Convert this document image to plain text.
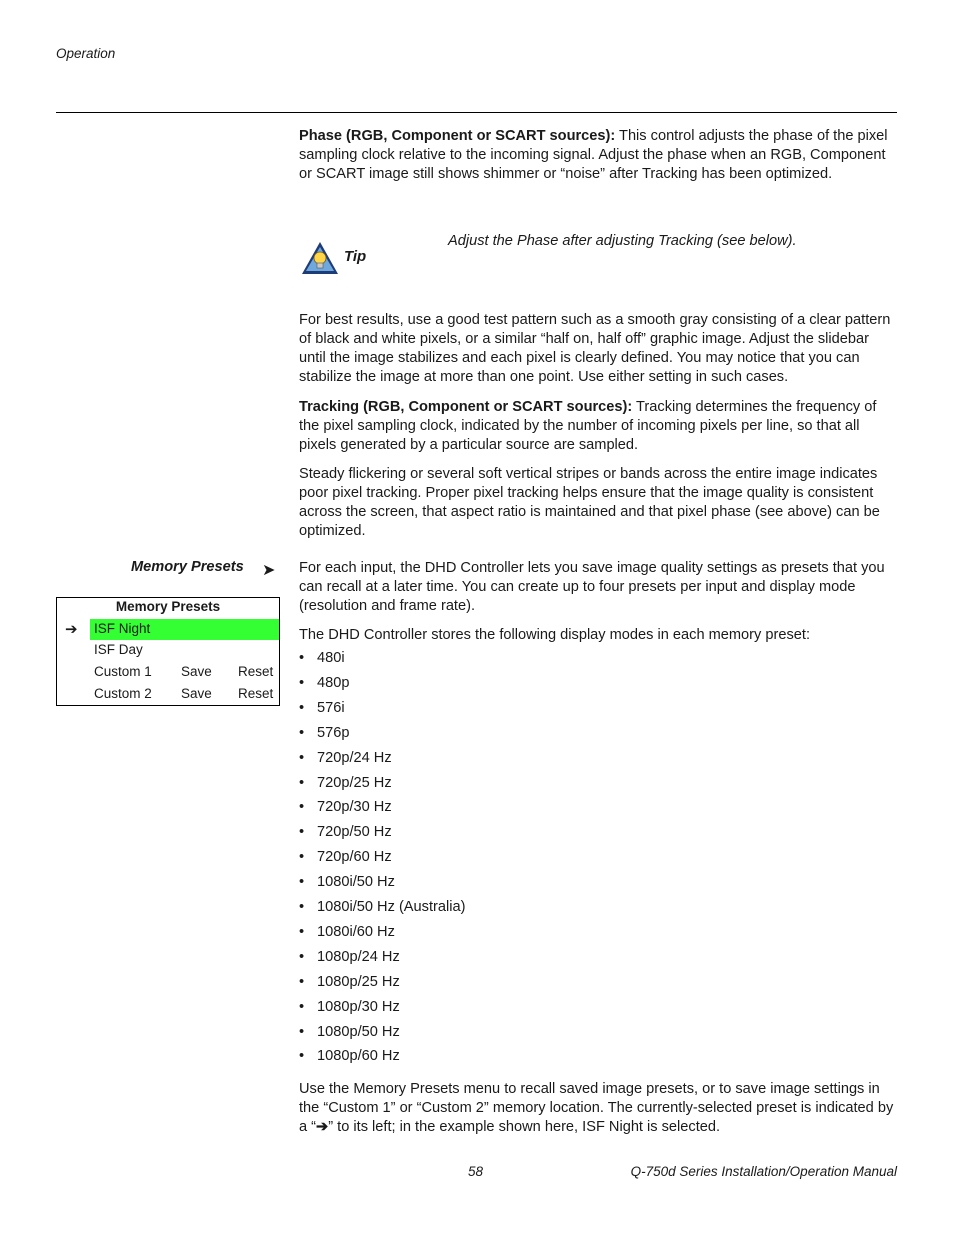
Operation

Phase (RGB, Component or SCART sources): This control adjusts the phase of the pixel sampling clock relative to the incoming signal. Adjust the phase when an RGB, Component or SCART image still shows shimmer or “noise” after Tracking has been optimized.

Tip
Adjust the Phase after adjusting Tracking (see below).
For best results, use a good test pattern such as a smooth gray consisting of a clear pattern of black and white pixels, or a similar “half on, half off” graphic image. Adjust the slidebar until the image stabilizes and each pixel is clearly defined. You may notice that you can stabilize the image at more than one point. Use either setting in such cases.

Tracking (RGB, Component or SCART sources): Tracking determines the frequency of the pixel sampling clock, indicated by the number of incoming pixels per line, so that all pixels generated by a particular source are sampled.

Steady flickering or several soft vertical stripes or bands across the entire image indicates poor pixel tracking. Proper pixel tracking helps ensure that the image quality is consistent across the screen, that aspect ratio is maintained and that pixel phase (see above) can be optimized.
Memory Presets ➤ For each input, the DHD Controller lets you save image quality settings as presets that you can recall at a later time. You can create up to four presets per input and display mode (resolution and frame rate).
The DHD Controller stores the following display modes in each memory preset:
Memory Presets
➔ ISF Night
ISF Day
Custom 1 Save Reset
Custom 2 Save Reset
• 480i
• 480p
• 576i
• 576p
• 720p/24 Hz
• 720p/25 Hz
• 720p/30 Hz
• 720p/50 Hz
• 720p/60 Hz
• 1080i/50 Hz
• 1080i/50 Hz (Australia)
• 1080i/60 Hz
• 1080p/24 Hz
• 1080p/25 Hz
• 1080p/30 Hz
• 1080p/50 Hz
• 1080p/60 Hz

Use the Memory Presets menu to recall saved image presets, or to save image settings in the “Custom 1” or “Custom 2” memory location. The currently-selected preset is indicated by a “➔” to its left; in the example shown here, ISF Night is selected.

58	Q-750d Series Installation/Operation Manual
